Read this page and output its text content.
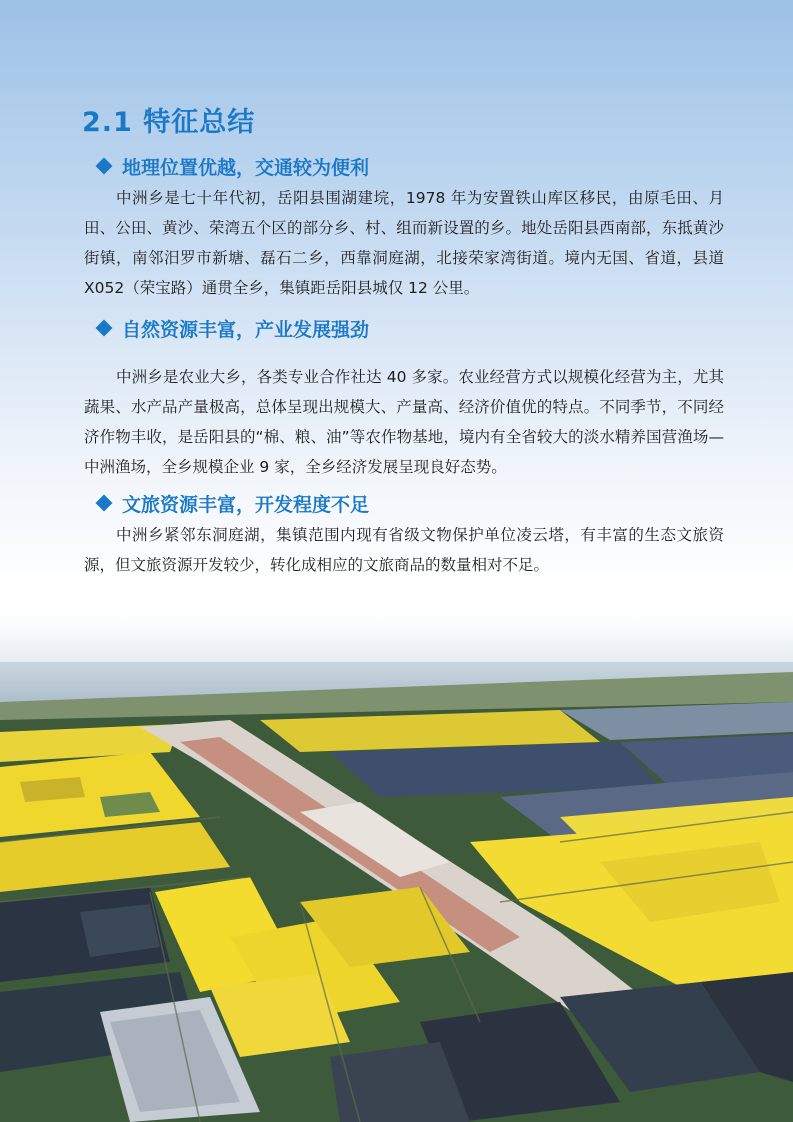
2.1 特征总结
地理位置优越，交通较为便利
中洲乡是七十年代初，岳阳县围湖建垸，1978 年为安置铁山库区移民，由原毛田、月田、公田、黄沙、荣湾五个区的部分乡、村、组而新设置的乡。地处岳阳县西南部，东抵黄沙街镇，南邻汨罗市新塘、磊石二乡，西靠洞庭湖，北接荣家湾街道。境内无国、省道，县道 X052（荣宝路）通贯全乡，集镇距岳阳县城仅 12 公里。
自然资源丰富，产业发展强劲
中洲乡是农业大乡，各类专业合作社达 40 多家。农业经营方式以规模化经营为主，尤其蔬果、水产品产量极高，总体呈现出规模大、产量高、经济价值优的特点。不同季节，不同经济作物丰收，是岳阳县的“棉、粮、油”等农作物基地，境内有全省较大的淡水精养国营渔场—中洲渔场，全乡规模企业 9 家，全乡经济发展呈现良好态势。
文旅资源丰富，开发程度不足
中洲乡紧邻东洞庭湖，集镇范围内现有省级文物保护单位凌云塔，有丰富的生态文旅资源，但文旅资源开发较少，转化成相应的文旅商品的数量相对不足。
